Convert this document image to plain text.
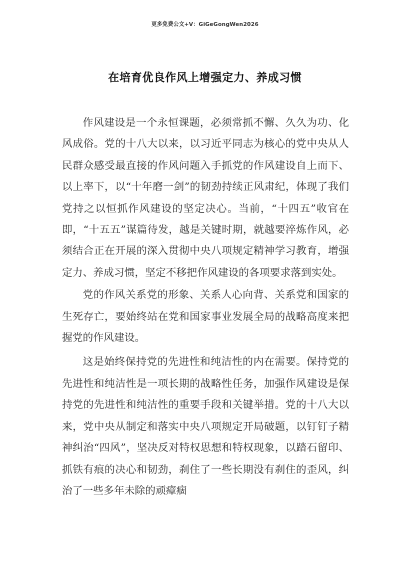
更多免费公文+V：GiGeGongWen2026
在培育优良作风上增强定力、养成习惯

作风建设是一个永恒课题，必须常抓不懈、久久为功、化风成俗。党的十八大以来，以习近平同志为核心的党中央从人民群众感受最直接的作风问题入手抓党的作风建设自上而下、以上率下，以“十年磨一剑”的韧劲持续正风肃纪，体现了我们党持之以恒抓作风建设的坚定决心。当前，“十四五”收官在即，“十五五”谋篇待发，越是关键时期，就越要淬炼作风，必须结合正在开展的深入贯彻中央八项规定精神学习教育，增强定力、养成习惯，坚定不移把作风建设的各项要求落到实处。

党的作风关系党的形象、关系人心向背、关系党和国家的生死存亡，要始终站在党和国家事业发展全局的战略高度来把握党的作风建设。

这是始终保持党的先进性和纯洁性的内在需要。保持党的先进性和纯洁性是一项长期的战略性任务，加强作风建设是保持党的先进性和纯洁性的重要手段和关键举措。党的十八大以来，党中央从制定和落实中央八项规定开局破题，以钉钉子精神纠治“四风”，坚决反对特权思想和特权现象，以踏石留印、抓铁有痕的决心和韧劲，刹住了一些长期没有刹住的歪风，纠治了一些多年未除的顽瘴痼
